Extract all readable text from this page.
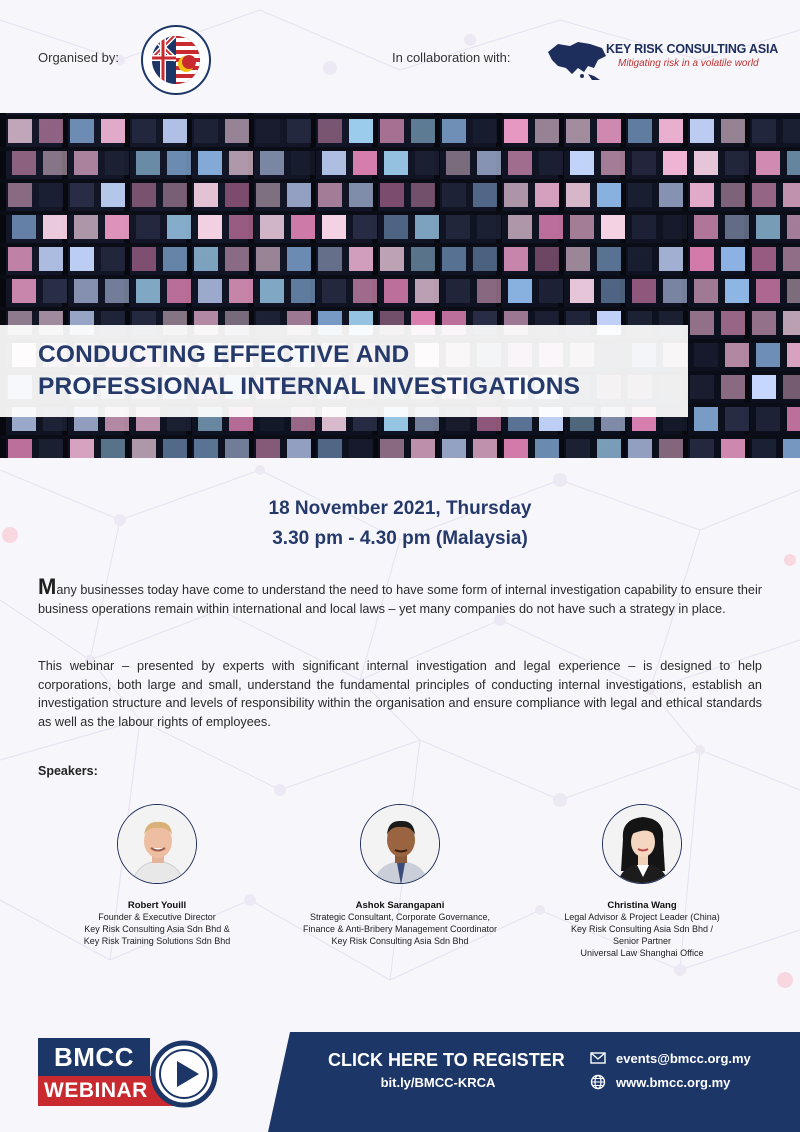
Organised by:	In collaboration with:
KEY RISK CONSULTING ASIA
Mitigating risk in a volatile world
CONDUCTING EFFECTIVE AND
PROFESSIONAL INTERNAL INVESTIGATIONS
18 November 2021, Thursday
3.30 pm - 4.30 pm (Malaysia)
Many businesses today have come to understand the need to have some form of internal investigation capability to ensure their business operations remain within international and local laws – yet many companies do not have such a strategy in place.
This webinar – presented by experts with significant internal investigation and legal experience – is designed to help corporations, both large and small, understand the fundamental principles of conducting internal investigations, establish an investigation structure and levels of responsibility within the organisation and ensure compliance with legal and ethical standards as well as the labour rights of employees.
Speakers:
Robert Youill
Founder & Executive Director
Key Risk Consulting Asia Sdn Bhd &
Key Risk Training Solutions Sdn Bhd
Ashok Sarangapani
Strategic Consultant, Corporate Governance,
Finance & Anti-Bribery Management Coordinator
Key Risk Consulting Asia Sdn Bhd
Christina Wang
Legal Advisor & Project Leader (China)
Key Risk Consulting Asia Sdn Bhd /
Senior Partner
Universal Law Shanghai Office
BMCC
WEBINAR
CLICK HERE TO REGISTER
bit.ly/BMCC-KRCA
events@bmcc.org.my
www.bmcc.org.my
